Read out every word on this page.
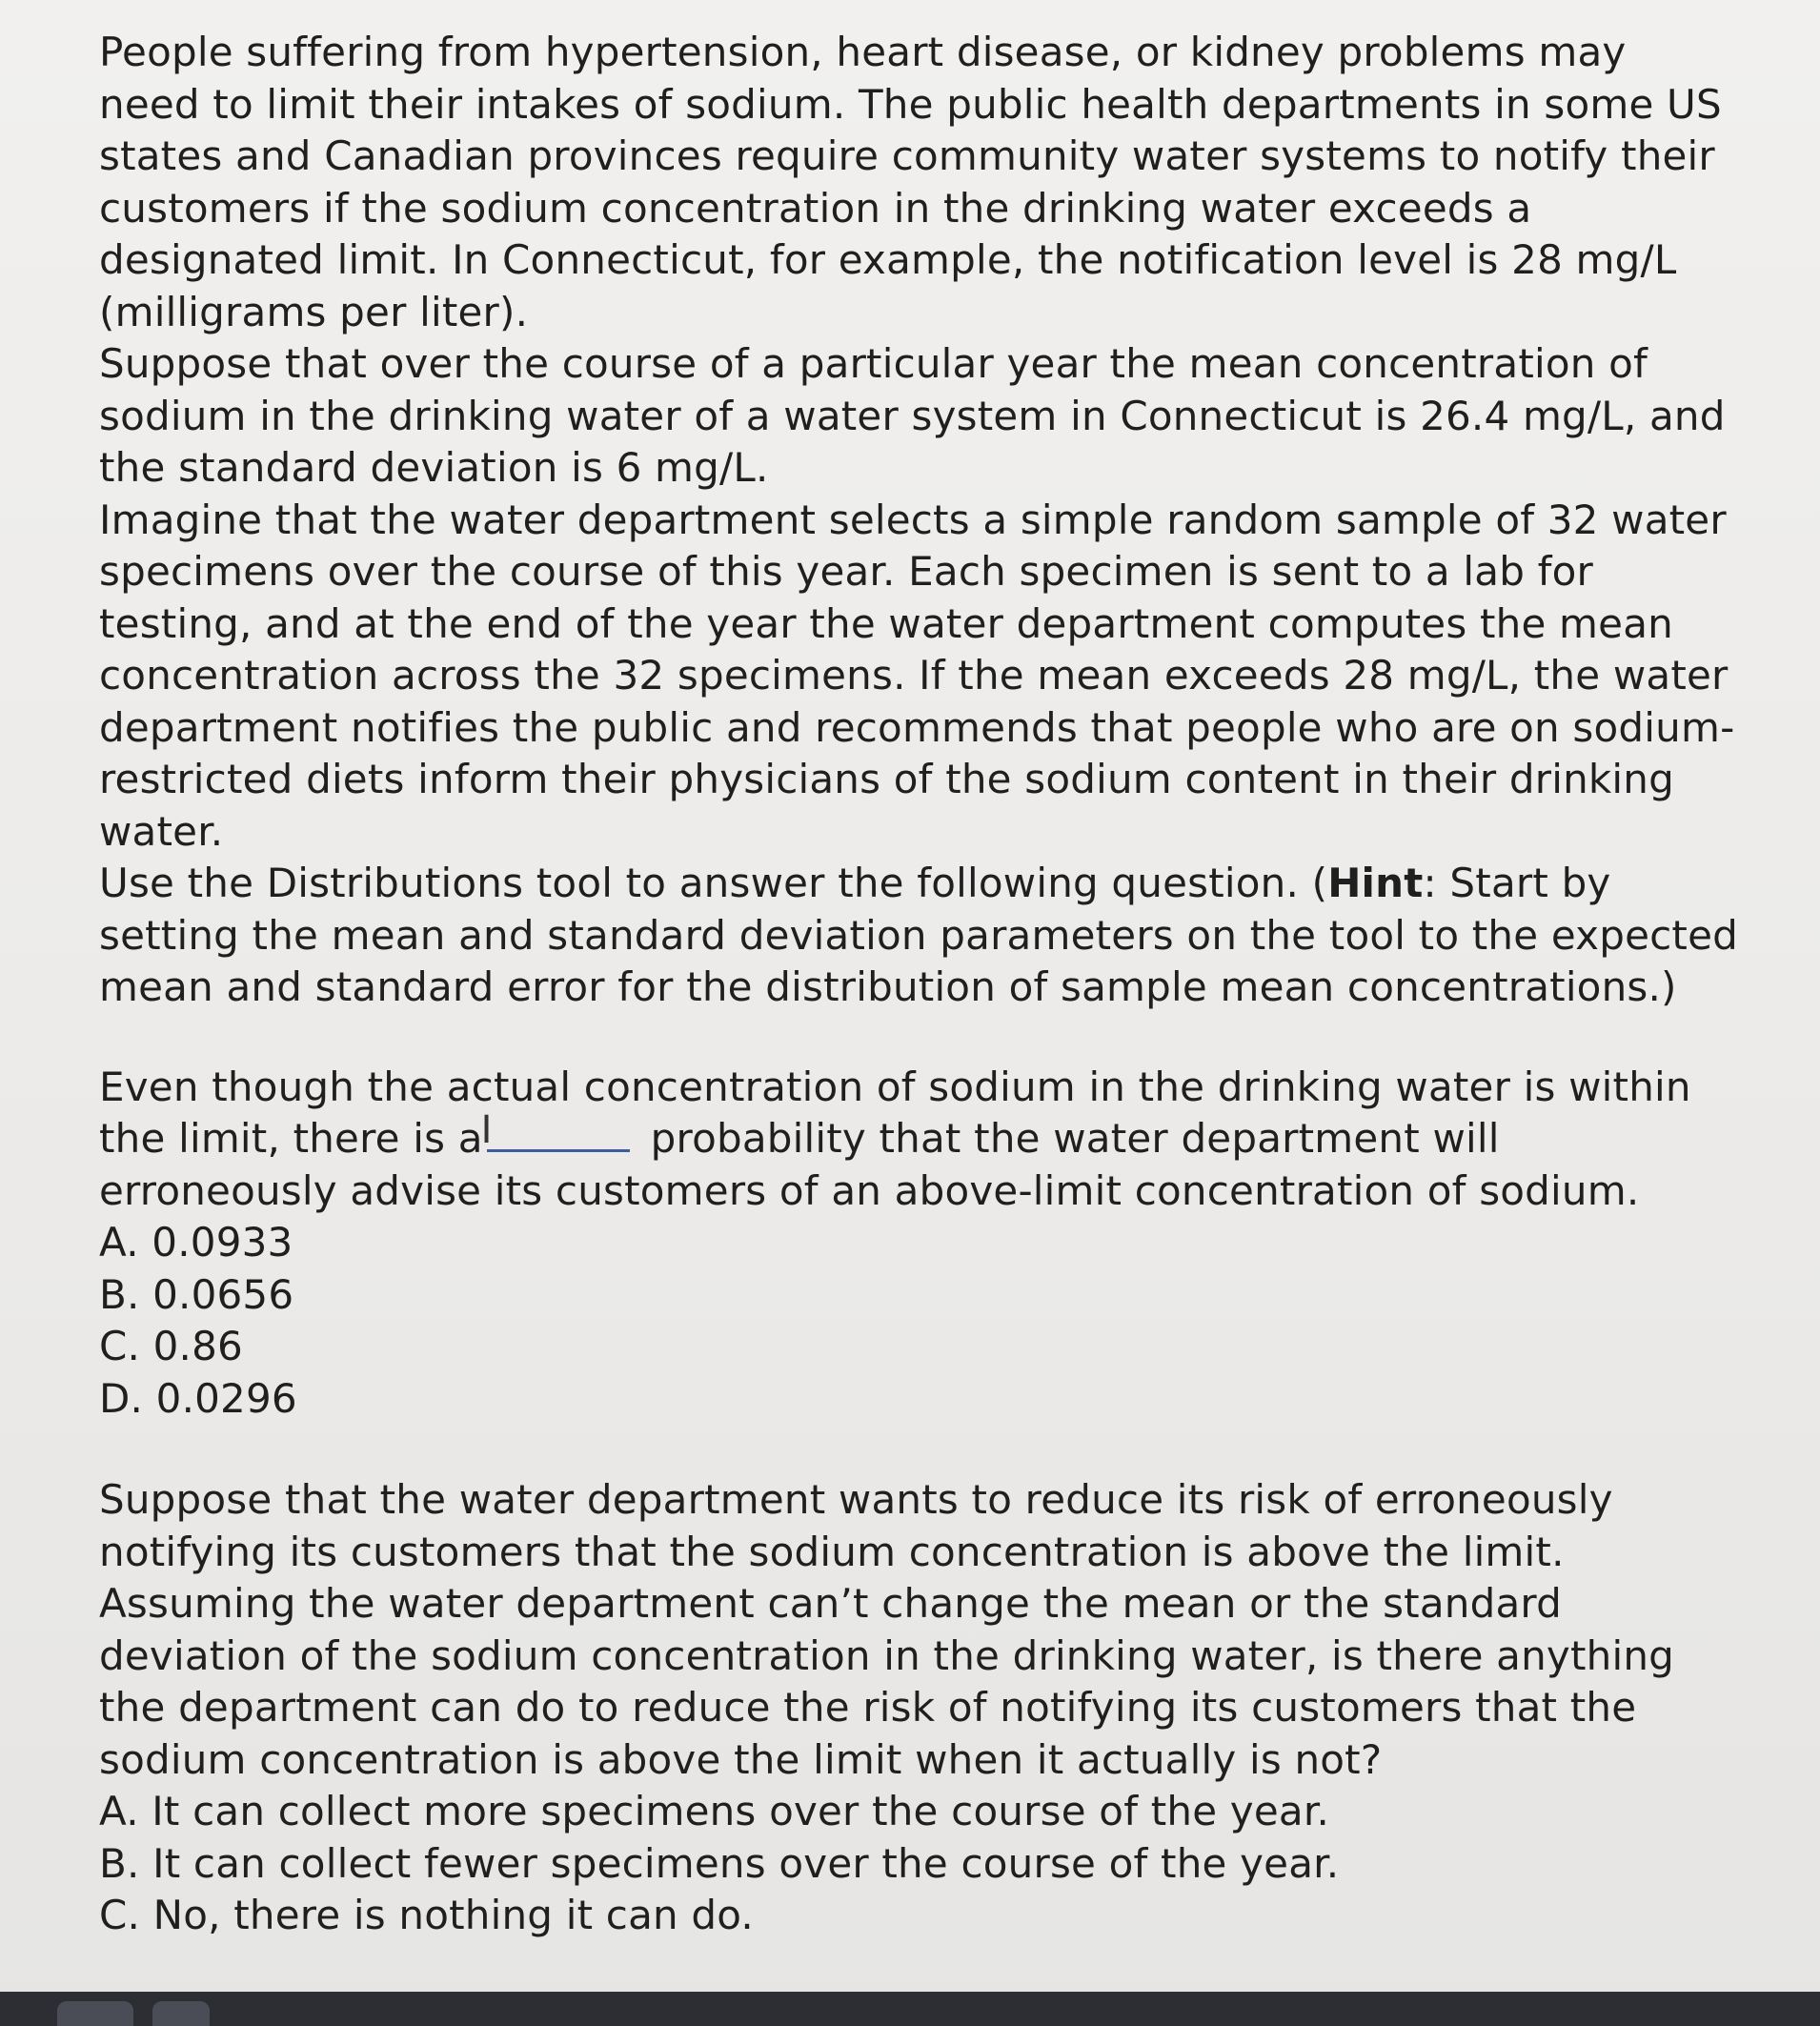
People suffering from hypertension, heart disease, or kidney problems may need to limit their intakes of sodium. The public health departments in some US states and Canadian provinces require community water systems to notify their customers if the sodium concentration in the drinking water exceeds a designated limit. In Connecticut, for example, the notification level is 28 mg/L (milligrams per liter).

Suppose that over the course of a particular year the mean concentration of sodium in the drinking water of a water system in Connecticut is 26.4 mg/L, and the standard deviation is 6 mg/L.

Imagine that the water department selects a simple random sample of 32 water specimens over the course of this year. Each specimen is sent to a lab for testing, and at the end of the year the water department computes the mean concentration across the 32 specimens. If the mean exceeds 28 mg/L, the water department notifies the public and recommends that people who are on sodium-restricted diets inform their physicians of the sodium content in their drinking water.

Use the Distributions tool to answer the following question. (Hint: Start by setting the mean and standard deviation parameters on the tool to the expected mean and standard error for the distribution of sample mean concentrations.)

Even though the actual concentration of sodium in the drinking water is within the limit, there is a
I	probability that the water department will erroneously advise its customers of an above-limit concentration of sodium.

A. 0.0933
B. 0.0656
C. 0.86
D. 0.0296

Suppose that the water department wants to reduce its risk of erroneously notifying its customers that the sodium concentration is above the limit. Assuming the water department can’t change the mean or the standard deviation of the sodium concentration in the drinking water, is there anything the department can do to reduce the risk of notifying its customers that the sodium concentration is above the limit when it actually is not?

A. It can collect more specimens over the course of the year.
B. It can collect fewer specimens over the course of the year.
C. No, there is nothing it can do.
